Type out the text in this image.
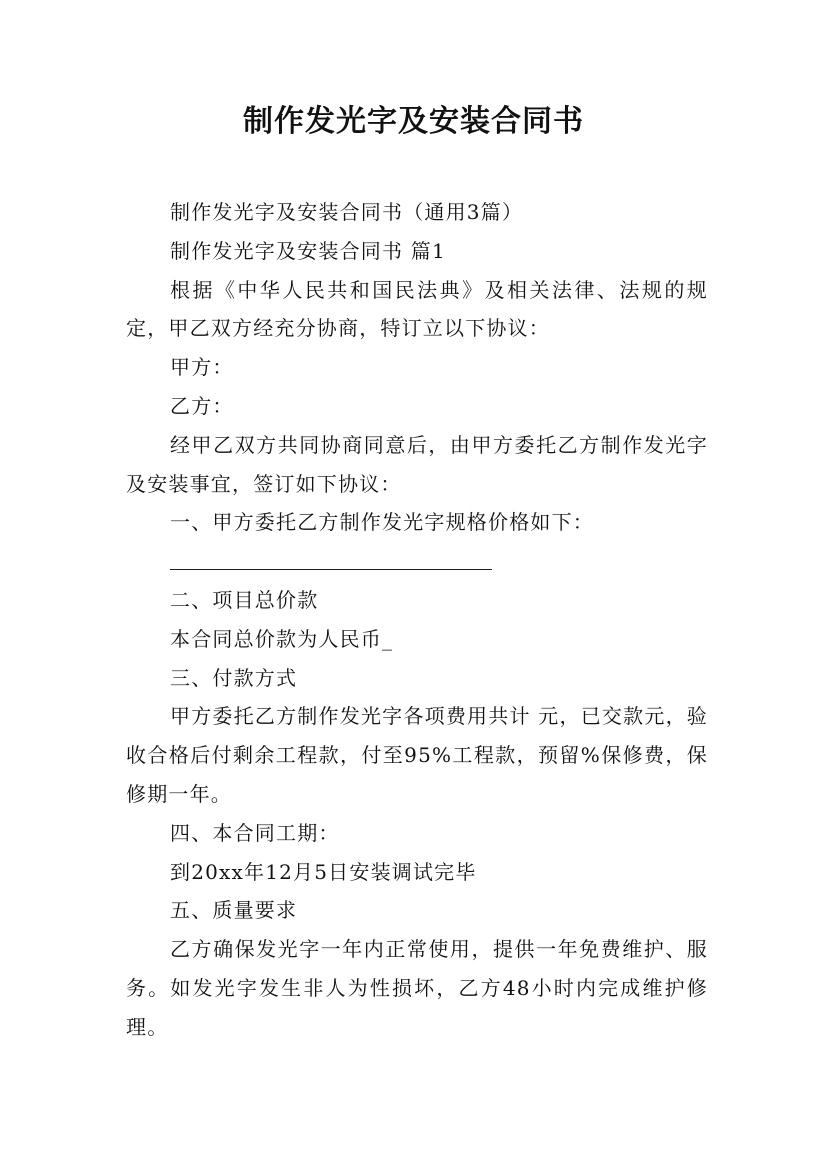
制作发光字及安装合同书

制作发光字及安装合同书（通用3篇）

制作发光字及安装合同书 篇1

根据《中华人民共和国民法典》及相关法律、法规的规定，甲乙双方经充分协商，特订立以下协议：

甲方：

乙方：

经甲乙双方共同协商同意后，由甲方委托乙方制作发光字及安装事宜，签订如下协议：

一、甲方委托乙方制作发光字规格价格如下：

二、项目总价款

本合同总价款为人民币_

三、付款方式

甲方委托乙方制作发光字各项费用共计 元，已交款元，验收合格后付剩余工程款，付至95%工程款，预留%保修费，保修期一年。

四、本合同工期：

到20xx年12月5日安装调试完毕

五、质量要求

乙方确保发光字一年内正常使用，提供一年免费维护、服务。如发光字发生非人为性损坏，乙方48小时内完成维护修理。
